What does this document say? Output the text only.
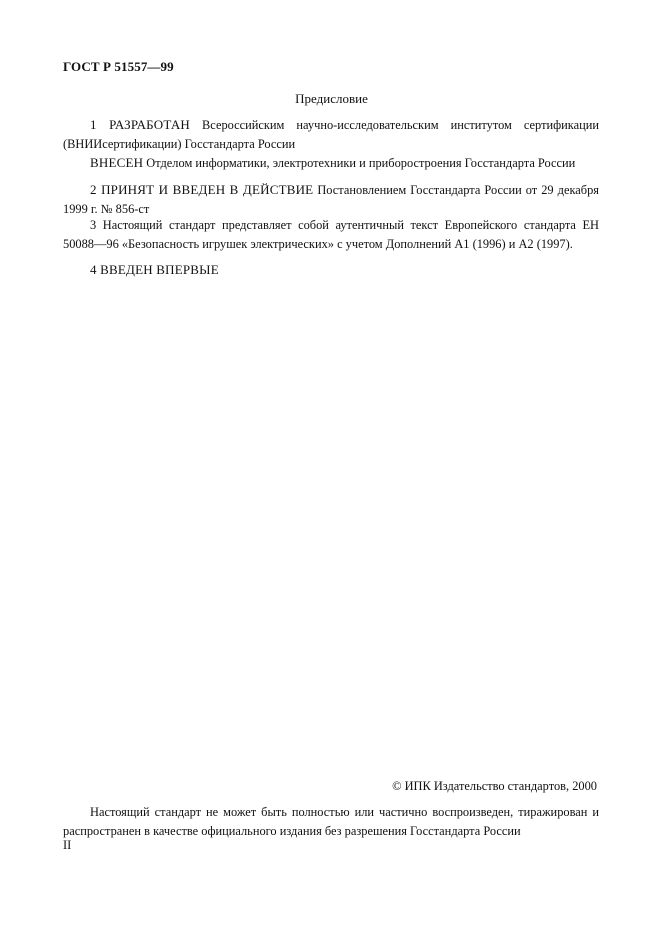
ГОСТ Р 51557—99
Предисловие
1 РАЗРАБОТАН Всероссийским научно-исследовательским институтом сертификации (ВНИИсертификации) Госстандарта России
ВНЕСЕН Отделом информатики, электротехники и приборостроения Госстандарта России
2 ПРИНЯТ И ВВЕДЕН В ДЕЙСТВИЕ Постановлением Госстандарта России от 29 декабря 1999 г. № 856-ст
3 Настоящий стандарт представляет собой аутентичный текст Европейского стандарта ЕН 50088—96 «Безопасность игрушек электрических» с учетом Дополнений А1 (1996) и А2 (1997).
4 ВВЕДЕН ВПЕРВЫЕ
© ИПК Издательство стандартов, 2000
Настоящий стандарт не может быть полностью или частично воспроизведен, тиражирован и распространен в качестве официального издания без разрешения Госстандарта России
II
